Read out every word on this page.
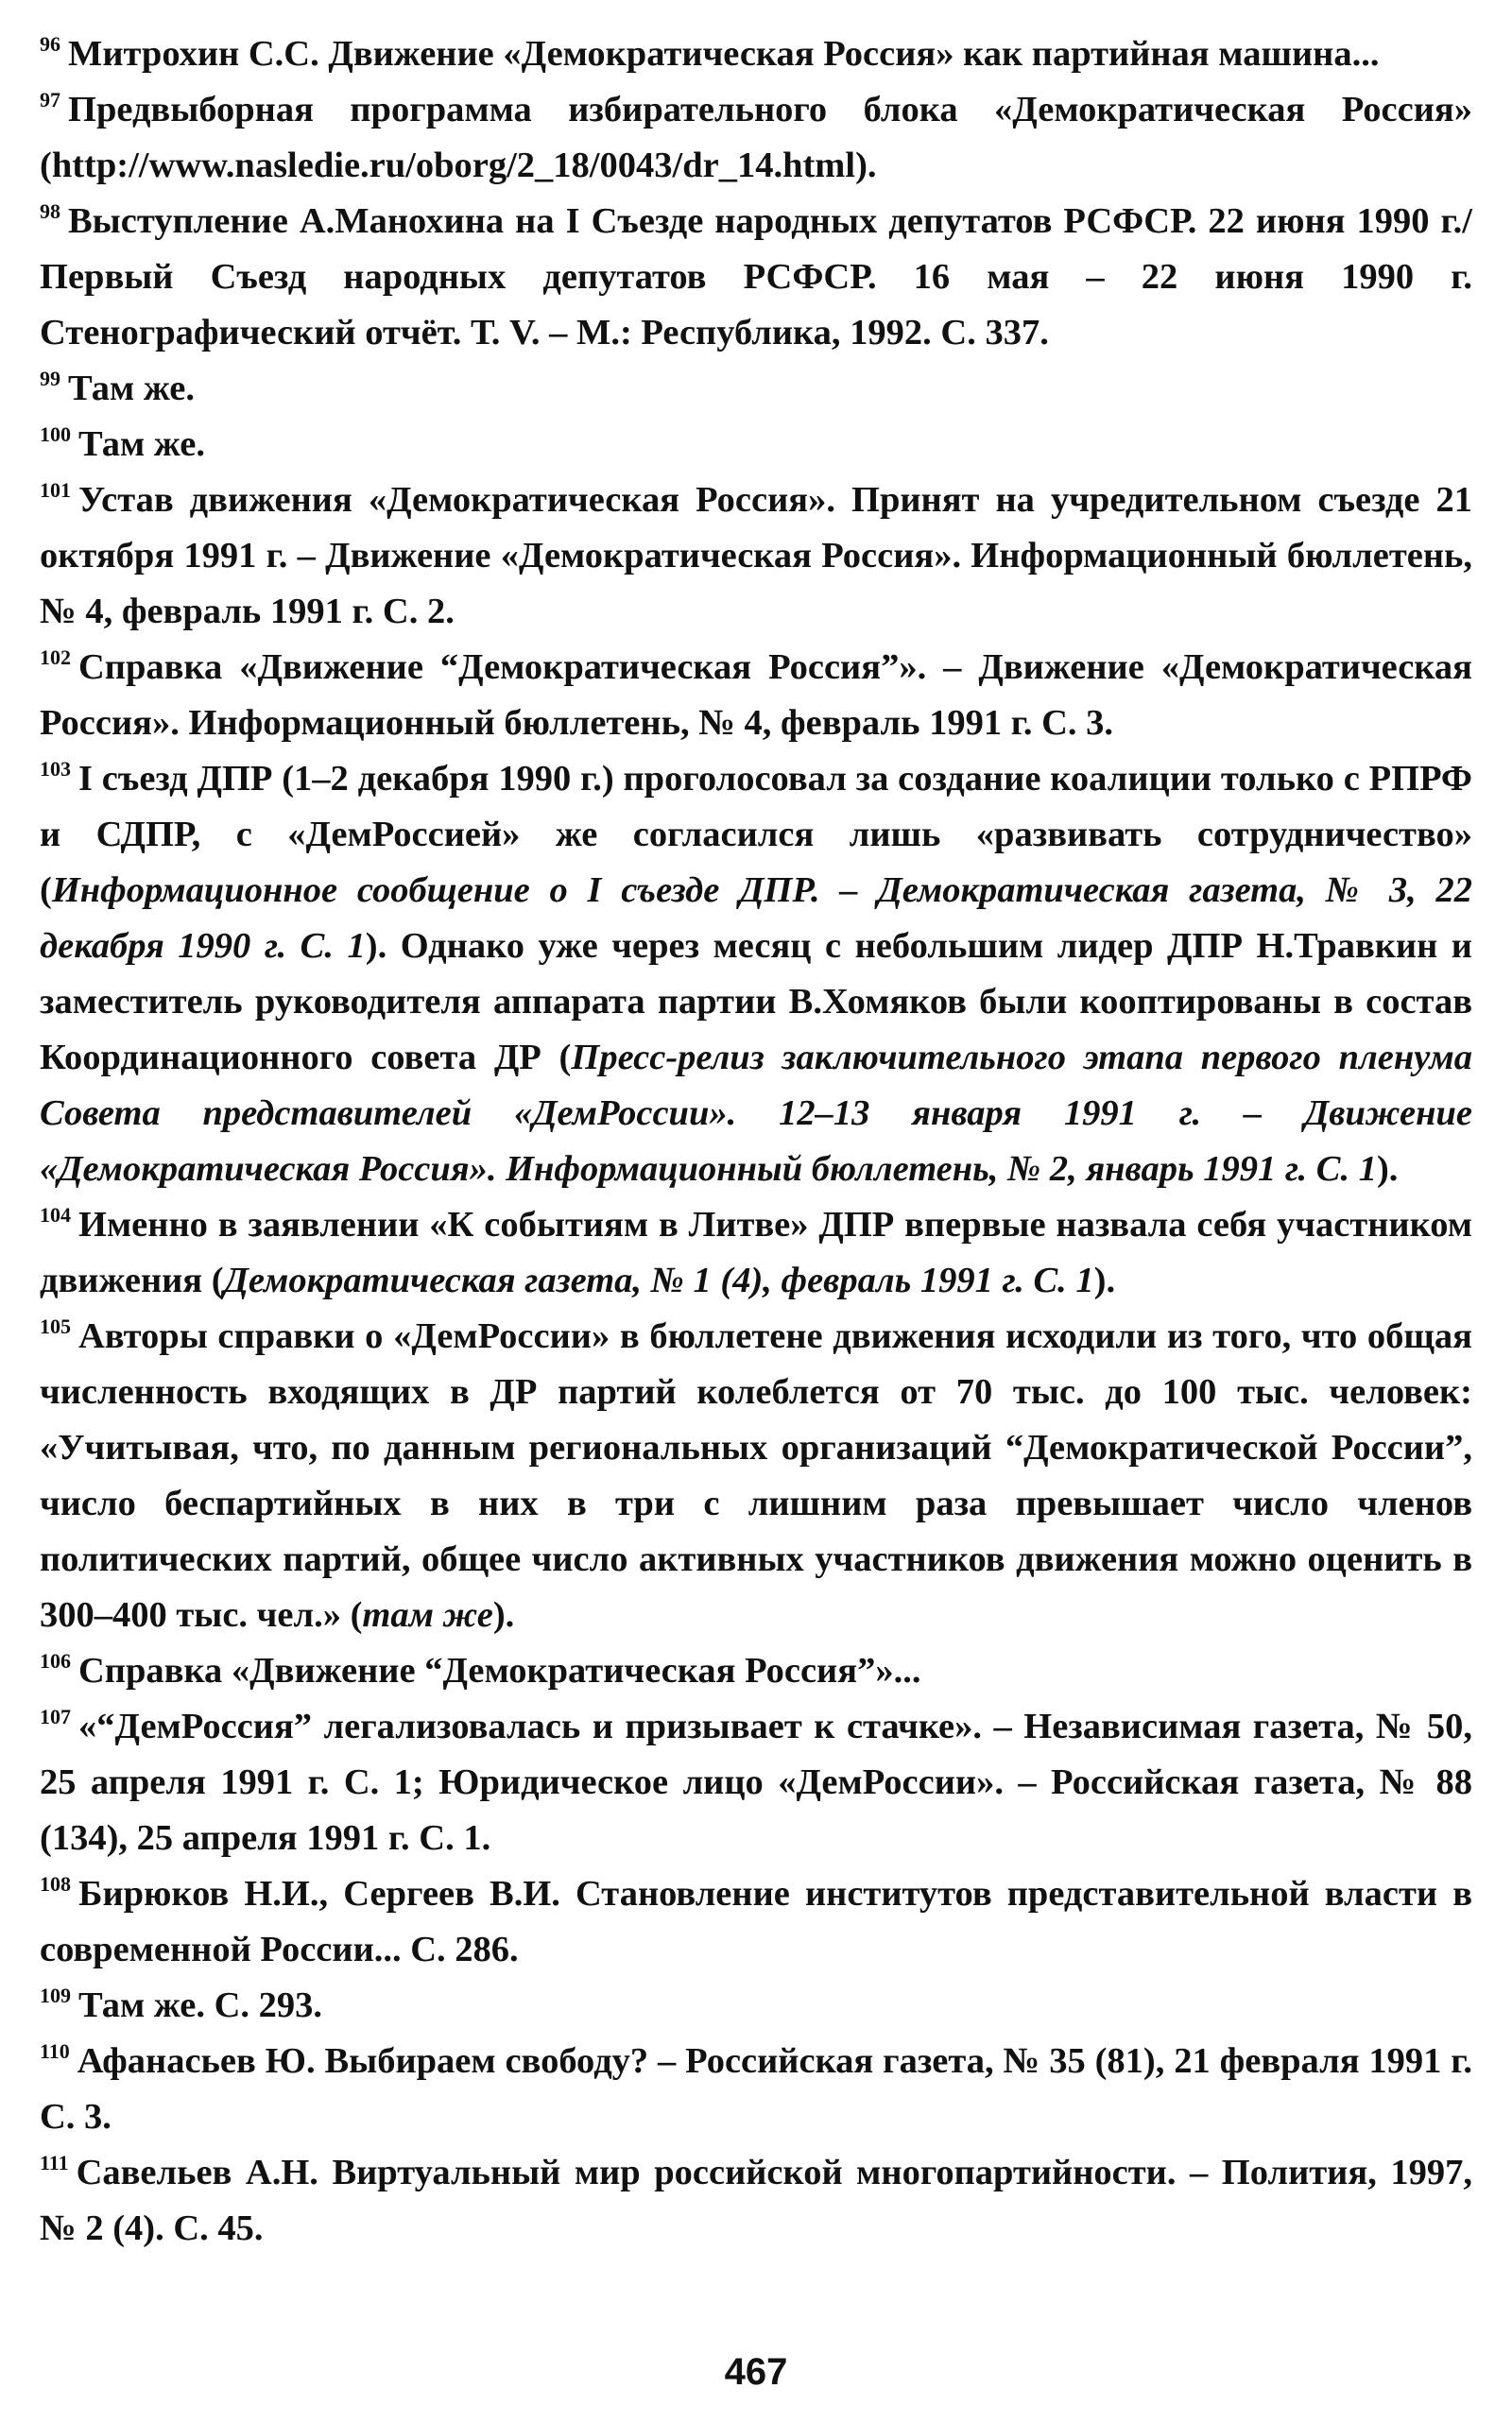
$^{96}$ Митрохин С.С. Движение «Демократическая Россия» как партийная машина...

$^{97}$ Предвыборная программа избирательного блока «Демократическая Россия» (http://www.nasledie.ru/oborg/2_18/0043/dr_14.html).

$^{98}$ Выступление А.Манохина на I Съезде народных депутатов РСФСР. 22 июня 1990 г./Первый Съезд народных депутатов РСФСР. 16 мая – 22 июня 1990 г. Стенографический отчёт. Т. V. – М.: Республика, 1992. С. 337.

$^{99}$ Там же.

$^{100}$ Там же.

$^{101}$ Устав движения «Демократическая Россия». Принят на учредительном съезде 21 октября 1991 г. – Движение «Демократическая Россия». Информационный бюллетень, № 4, февраль 1991 г. С. 2.

$^{102}$ Справка «Движение “Демократическая Россия”». – Движение «Демократическая Россия». Информационный бюллетень, № 4, февраль 1991 г. С. 3.

$^{103}$ I съезд ДПР (1–2 декабря 1990 г.) проголосовал за создание коалиции только с РПРФ и СДПР, с «ДемРоссией» же согласился лишь «развивать сотрудничество» (Информационное сообщение о I съезде ДПР. – Демократическая газета, № 3, 22 декабря 1990 г. С. 1). Однако уже через месяц с небольшим лидер ДПР Н.Травкин и заместитель руководителя аппарата партии В.Хомяков были кооптированы в состав Координационного совета ДР (Пресс-релиз заключительного этапа первого пленума Совета представителей «ДемРоссии». 12–13 января 1991 г. – Движение «Демократическая Россия». Информационный бюллетень, № 2, январь 1991 г. С. 1).

$^{104}$ Именно в заявлении «К событиям в Литве» ДПР впервые назвала себя участником движения (Демократическая газета, № 1 (4), февраль 1991 г. С. 1).

$^{105}$ Авторы справки о «ДемРоссии» в бюллетене движения исходили из того, что общая численность входящих в ДР партий колеблется от 70 тыс. до 100 тыс. человек: «Учитывая, что, по данным региональных организаций “Демократической России”, число беспартийных в них в три с лишним раза превышает число членов политических партий, общее число активных участников движения можно оценить в 300–400 тыс. чел.» (там же).

$^{106}$ Справка «Движение “Демократическая Россия”»...

$^{107}$ «“ДемРоссия” легализовалась и призывает к стачке». – Независимая газета, № 50, 25 апреля 1991 г. С. 1; Юридическое лицо «ДемРоссии». – Российская газета, № 88 (134), 25 апреля 1991 г. С. 1.

$^{108}$ Бирюков Н.И., Сергеев В.И. Становление институтов представительной власти в современной России... С. 286.

$^{109}$ Там же. С. 293.

$^{110}$ Афанасьев Ю. Выбираем свободу? – Российская газета, № 35 (81), 21 февраля 1991 г. С. 3.

$^{111}$ Савельев А.Н. Виртуальный мир российской многопартийности. – Полития, 1997, № 2 (4). С. 45.

467
